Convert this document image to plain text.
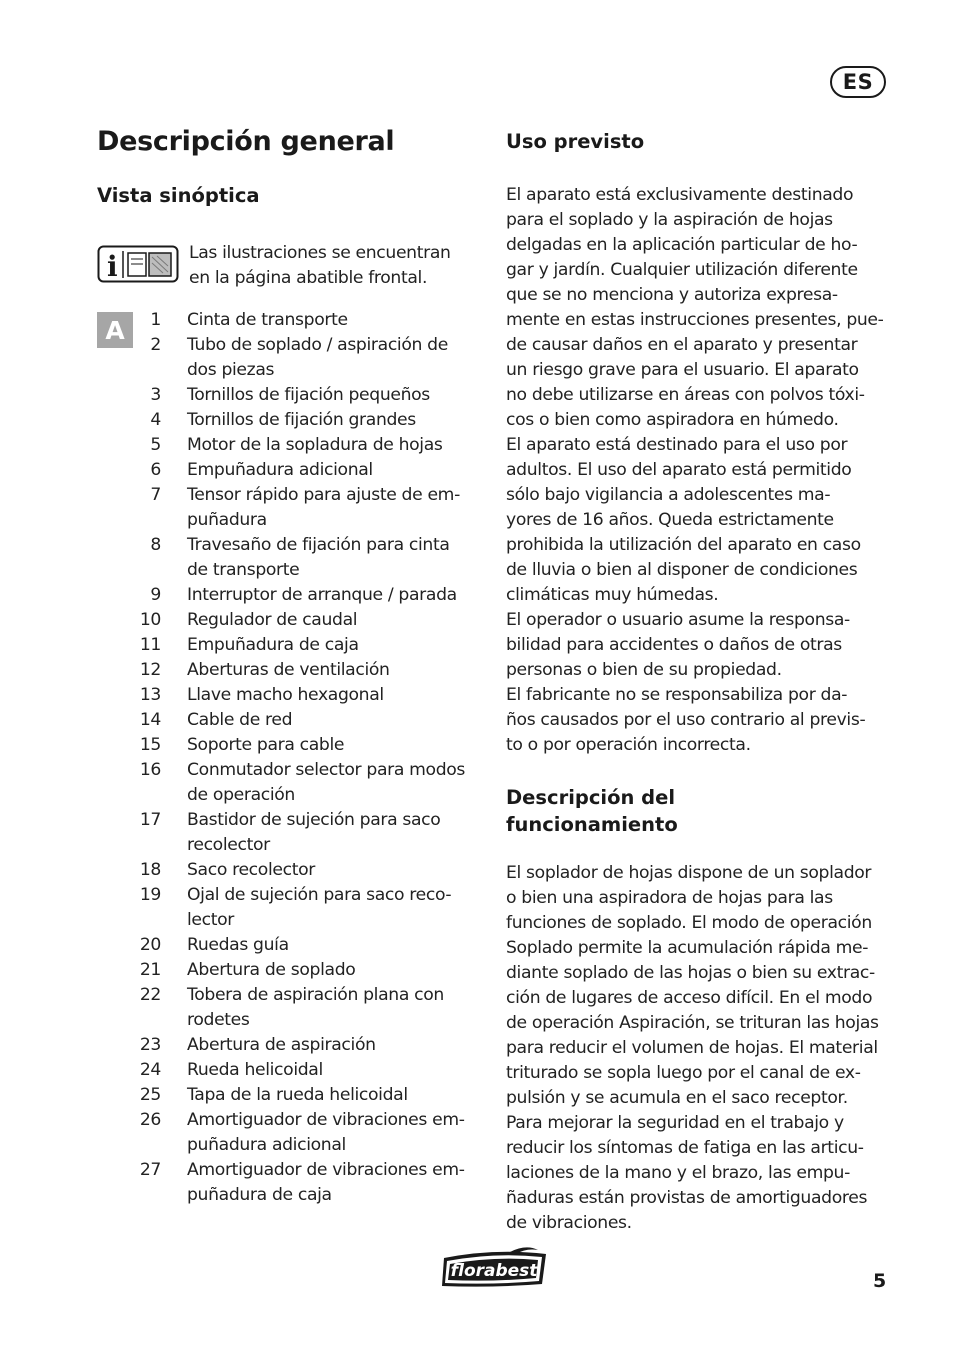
ES
Descripción general
Vista sinóptica
i	Las ilustraciones se encuentran
en la página abatible frontal.
A	1 Cinta de transporte
2 Tubo de soplado / aspiración de
dos piezas
3 Tornillos de fijación pequeños
4 Tornillos de fijación grandes
5 Motor de la sopladura de hojas
6 Empuñadura adicional
7 Tensor rápido para ajuste de em-
puñadura
8 Travesaño de fijación para cinta
de transporte
9 Interruptor de arranque / parada
10 Regulador de caudal
11 Empuñadura de caja
12 Aberturas de ventilación
13 Llave macho hexagonal
14 Cable de red
15 Soporte para cable
16 Conmutador selector para modos
de operación
17 Bastidor de sujeción para saco
recolector
18 Saco recolector
19 Ojal de sujeción para saco reco-
lector
20 Ruedas guía
21 Abertura de soplado
22 Tobera de aspiración plana con
rodetes
23 Abertura de aspiración
24 Rueda helicoidal
25 Tapa de la rueda helicoidal
26 Amortiguador de vibraciones em-
puñadura adicional
27 Amortiguador de vibraciones em-
puñadura de caja
Uso previsto
El aparato está exclusivamente destinado
para el soplado y la aspiración de hojas
delgadas en la aplicación particular de ho-
gar y jardín. Cualquier utilización diferente
que se no menciona y autoriza expresa-
mente en estas instrucciones presentes, pue-
de causar daños en el aparato y presentar
un riesgo grave para el usuario. El aparato
no debe utilizarse en áreas con polvos tóxi-
cos o bien como aspiradora en húmedo.
El aparato está destinado para el uso por
adultos. El uso del aparato está permitido
sólo bajo vigilancia a adolescentes ma-
yores de 16 años. Queda estrictamente
prohibida la utilización del aparato en caso
de lluvia o bien al disponer de condiciones
climáticas muy húmedas.
El operador o usuario asume la responsa-
bilidad para accidentes o daños de otras
personas o bien de su propiedad.
El fabricante no se responsabiliza por da-
ños causados por el uso contrario al previs-
to o por operación incorrecta.
Descripción del
funcionamiento
El soplador de hojas dispone de un soplador
o bien una aspiradora de hojas para las
funciones de soplado. El modo de operación
Soplado permite la acumulación rápida me-
diante soplado de las hojas o bien su extrac-
ción de lugares de acceso difícil. En el modo
de operación Aspiración, se trituran las hojas
para reducir el volumen de hojas. El material
triturado se sopla luego por el canal de ex-
pulsión y se acumula en el saco receptor.
Para mejorar la seguridad en el trabajo y
reducir los síntomas de fatiga en las articu-
laciones de la mano y el brazo, las empu-
ñaduras están provistas de amortiguadores
de vibraciones.
florabest	5
